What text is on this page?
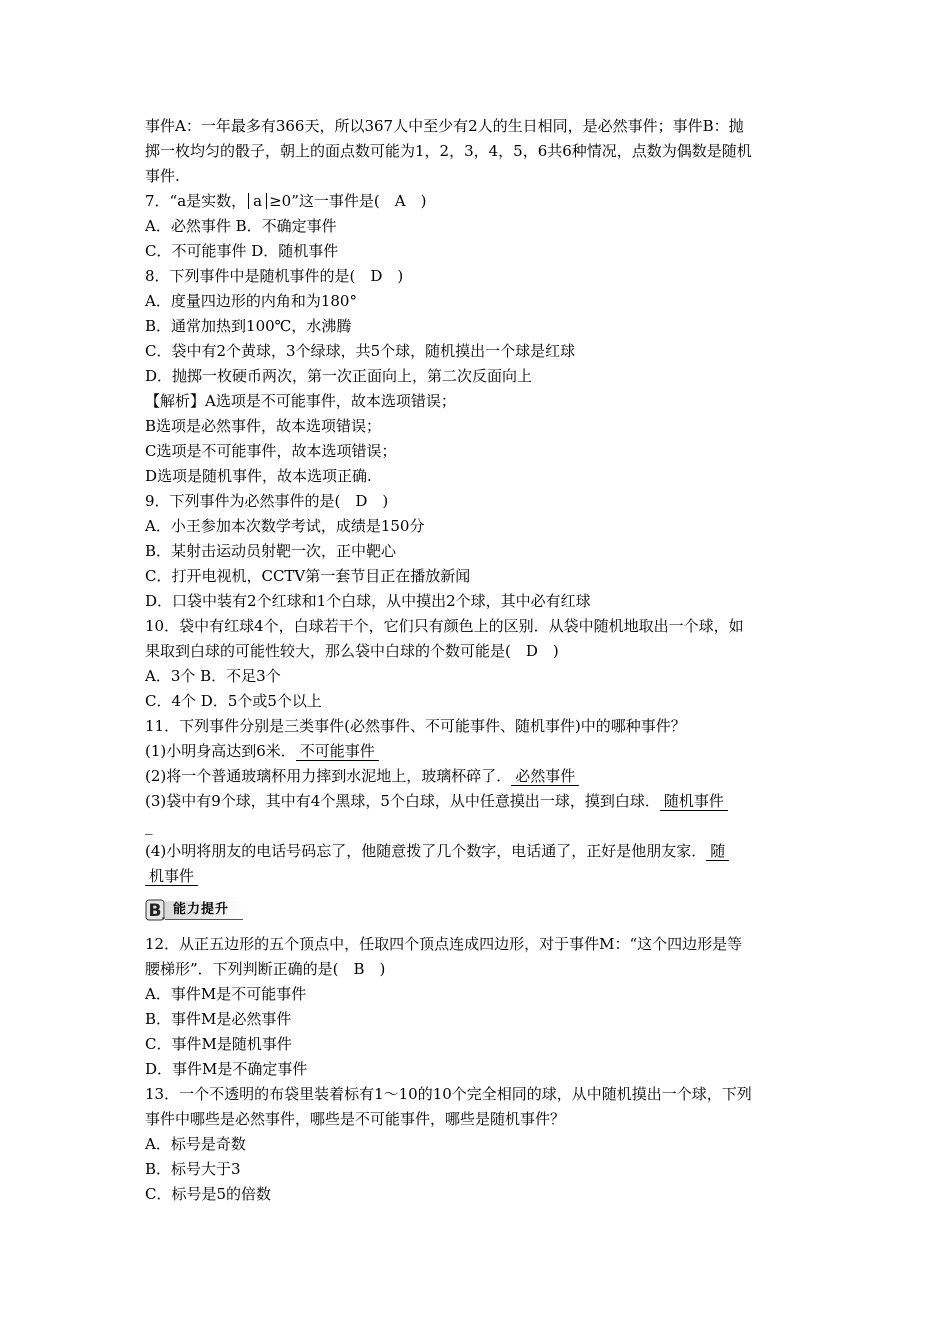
事件A：一年最多有366天，所以367人中至少有2人的生日相同，是必然事件；事件B：抛
掷一枚均匀的骰子，朝上的面点数可能为1，2，3，4，5，6共6种情况，点数为偶数是随机
事件.
7．“a是实数， a ≥0”这一事件是(　A　)
A．必然事件 B．不确定事件
C．不可能事件 D．随机事件
8．下列事件中是随机事件的是(　D　)
A．度量四边形的内角和为180°
B．通常加热到100℃，水沸腾
C．袋中有2个黄球，3个绿球，共5个球，随机摸出一个球是红球
D．抛掷一枚硬币两次，第一次正面向上，第二次反面向上
【解析】A选项是不可能事件，故本选项错误；
B选项是必然事件，故本选项错误；
C选项是不可能事件，故本选项错误；
D选项是随机事件，故本选项正确.
9．下列事件为必然事件的是(　D　)
A．小王参加本次数学考试，成绩是150分
B．某射击运动员射靶一次，正中靶心
C．打开电视机，CCTV第一套节目正在播放新闻
D．口袋中装有2个红球和1个白球，从中摸出2个球，其中必有红球
10．袋中有红球4个，白球若干个，它们只有颜色上的区别．从袋中随机地取出一个球，如
果取到白球的可能性较大，那么袋中白球的个数可能是(　D　)
A．3个 B．不足3个
C．4个 D．5个或5个以上
11．下列事件分别是三类事件(必然事件、不可能事件、随机事件)中的哪种事件？
(1)小明身高达到6米． 不可能事件
(2)将一个普通玻璃杯用力摔到水泥地上，玻璃杯碎了． 必然事件
(3)袋中有9个球，其中有4个黑球，5个白球，从中任意摸出一球，摸到白球． 随机事件
_
(4)小明将朋友的电话号码忘了，他随意拨了几个数字，电话通了，正好是他朋友家． 随
机事件
B 能力提升
12．从正五边形的五个顶点中，任取四个顶点连成四边形，对于事件M：“这个四边形是等
腰梯形”．下列判断正确的是(　B　)
A．事件M是不可能事件
B．事件M是必然事件
C．事件M是随机事件
D．事件M是不确定事件
13．一个不透明的布袋里装着标有1～10的10个完全相同的球，从中随机摸出一个球，下列
事件中哪些是必然事件，哪些是不可能事件，哪些是随机事件？
A．标号是奇数
B．标号大于3
C．标号是5的倍数
